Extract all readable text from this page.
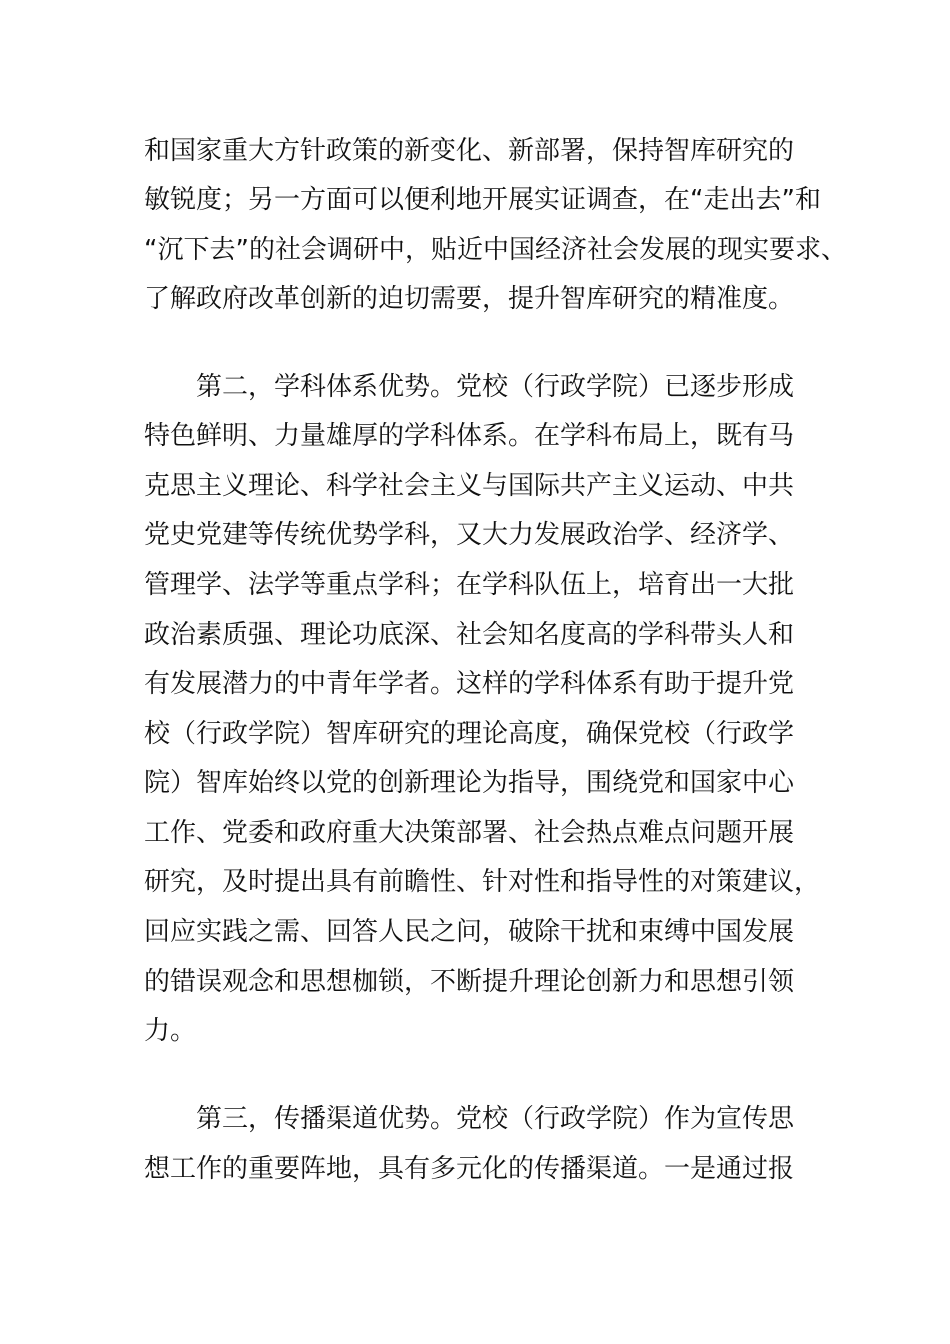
和国家重大方针政策的新变化、新部署，保持智库研究的

敏锐度；另一方面可以便利地开展实证调查，在“走出去”和

“沉下去”的社会调研中，贴近中国经济社会发展的现实要求、

了解政府改革创新的迫切需要，提升智库研究的精准度。

第二，学科体系优势。党校（行政学院）已逐步形成

特色鲜明、力量雄厚的学科体系。在学科布局上，既有马

克思主义理论、科学社会主义与国际共产主义运动、中共

党史党建等传统优势学科，又大力发展政治学、经济学、

管理学、法学等重点学科；在学科队伍上，培育出一大批

政治素质强、理论功底深、社会知名度高的学科带头人和

有发展潜力的中青年学者。这样的学科体系有助于提升党

校（行政学院）智库研究的理论高度，确保党校（行政学

院）智库始终以党的创新理论为指导，围绕党和国家中心

工作、党委和政府重大决策部署、社会热点难点问题开展

研究，及时提出具有前瞻性、针对性和指导性的对策建议，

回应实践之需、回答人民之问，破除干扰和束缚中国发展

的错误观念和思想枷锁，不断提升理论创新力和思想引领

力。

第三，传播渠道优势。党校（行政学院）作为宣传思

想工作的重要阵地，具有多元化的传播渠道。一是通过报
